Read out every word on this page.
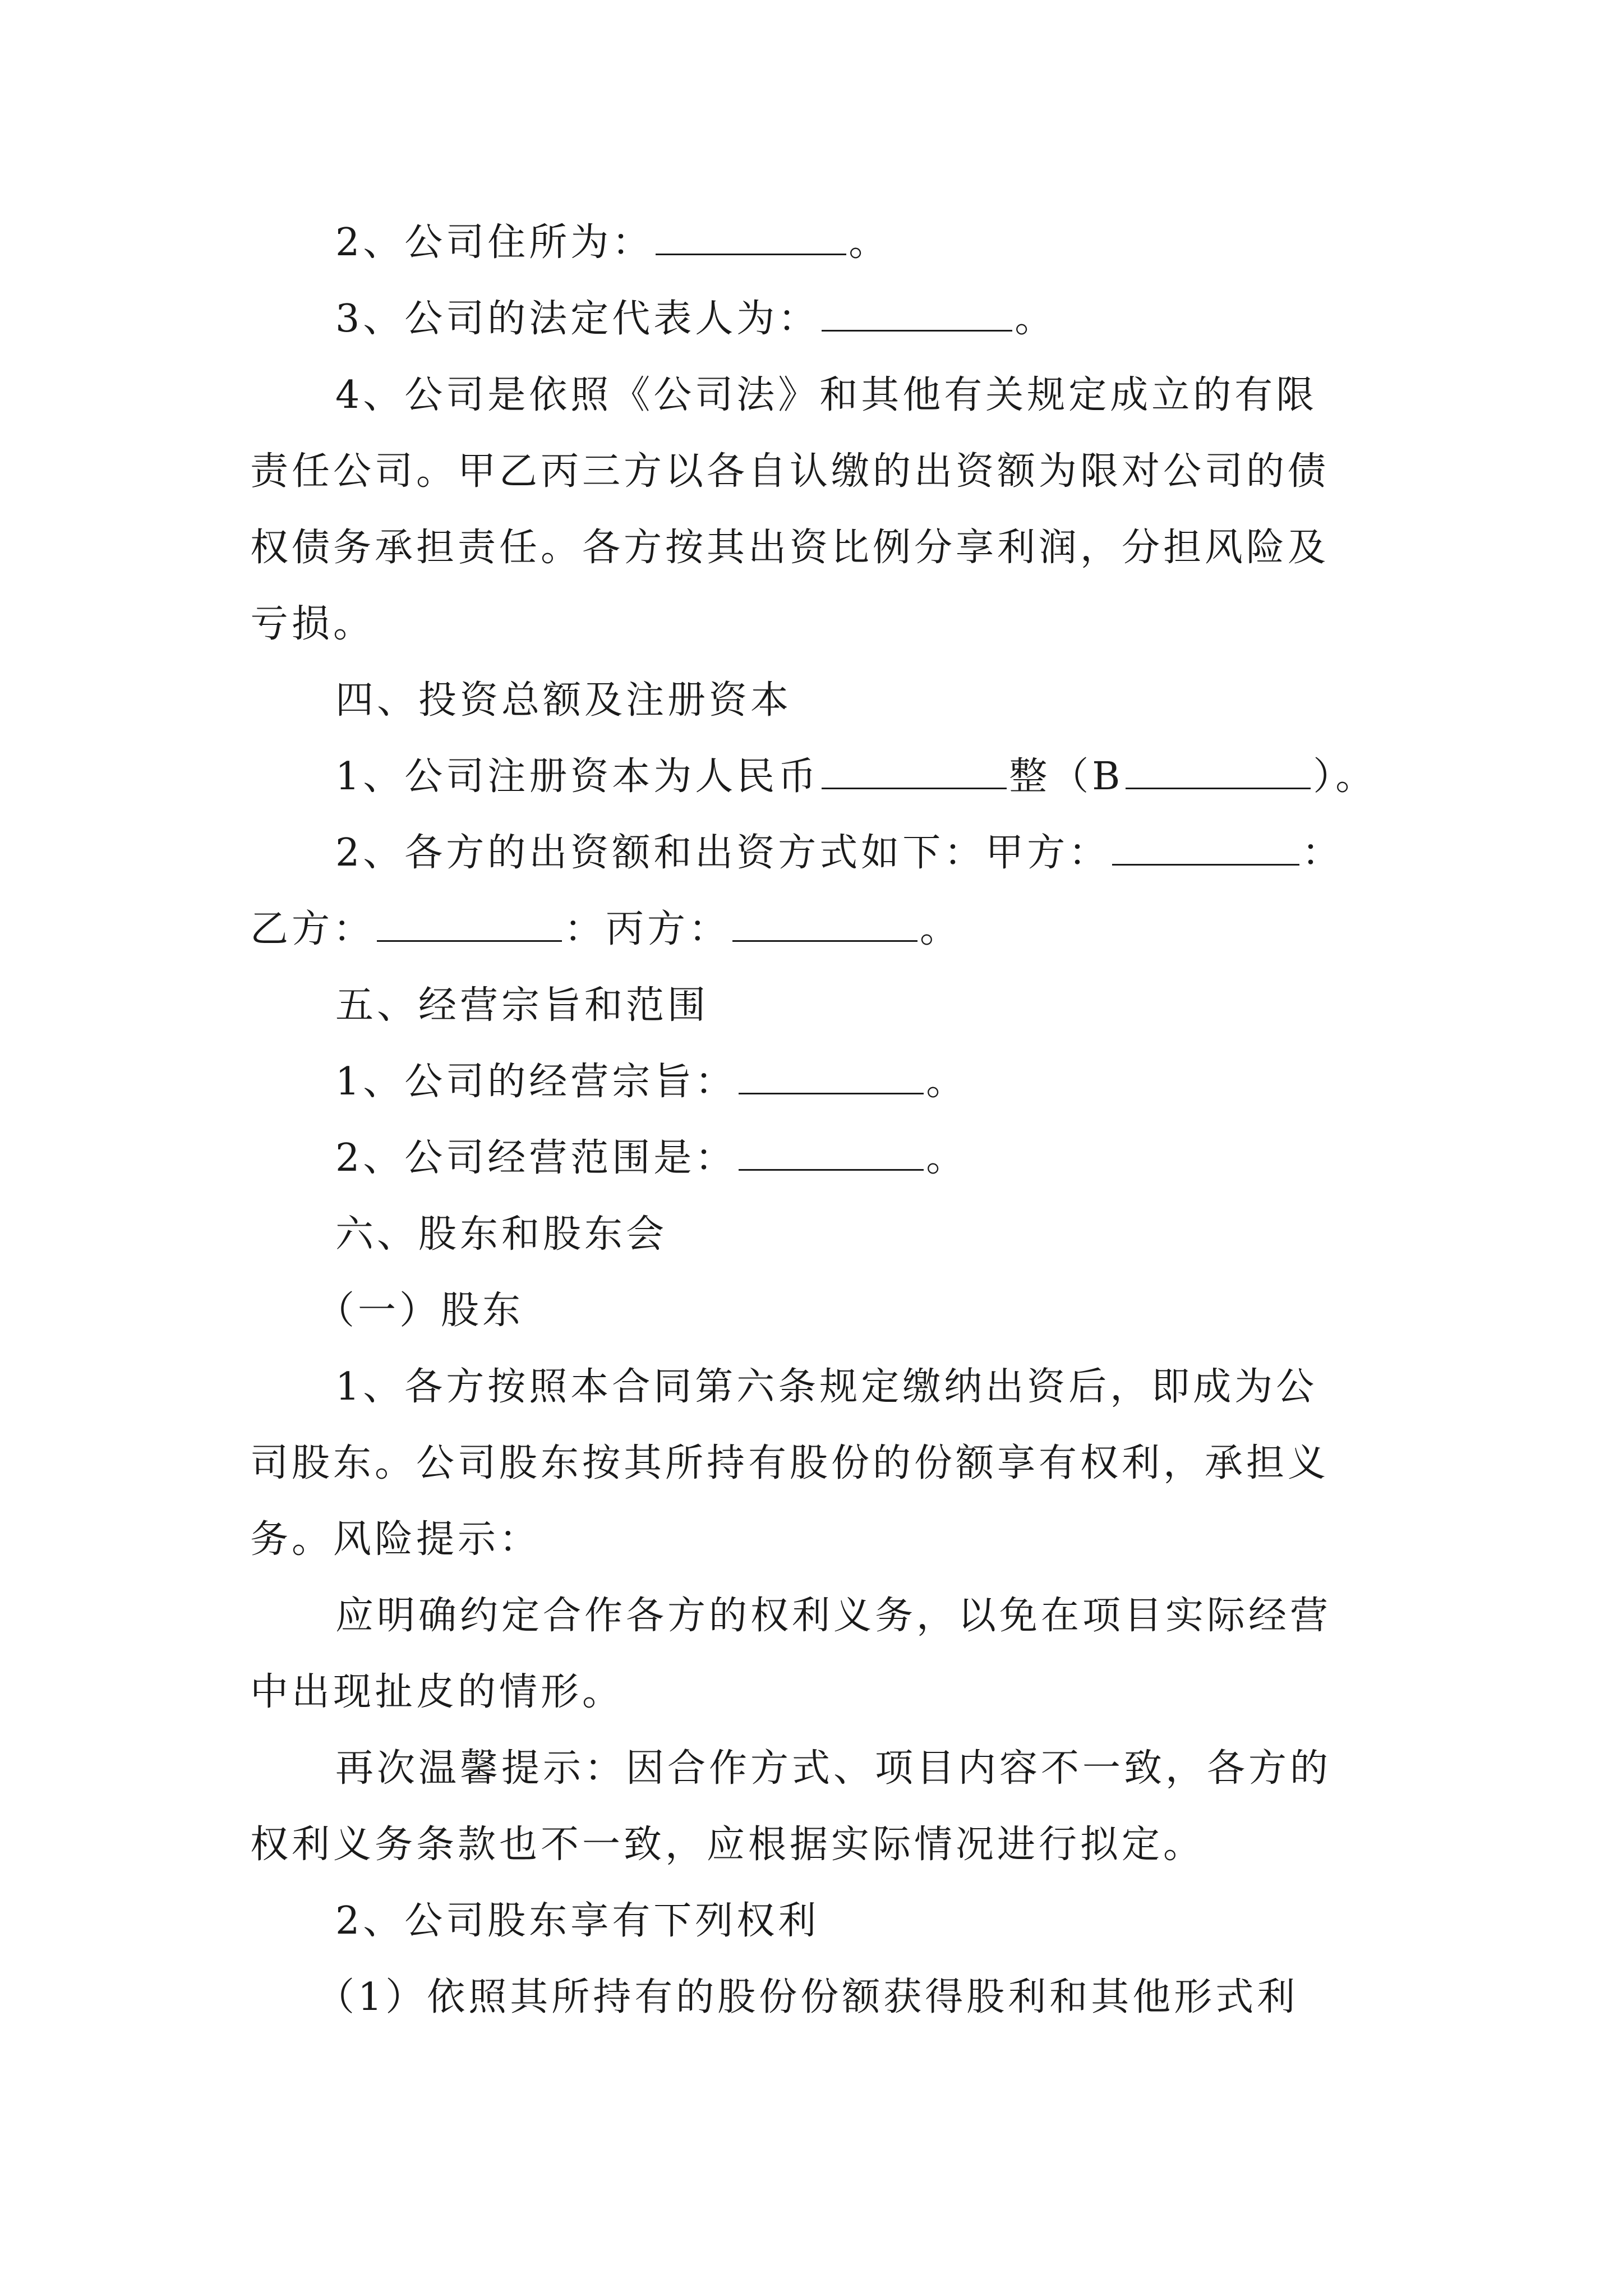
2、公司住所为：	。
3、公司的法定代表人为：	。
4、公司是依照《公司法》和其他有关规定成立的有限
责任公司。甲乙丙三方以各自认缴的出资额为限对公司的债
权债务承担责任。各方按其出资比例分享利润，分担风险及
亏损。
四、投资总额及注册资本
1、公司注册资本为人民币	整（B	）。
2、各方的出资额和出资方式如下：甲方：	：
乙方：	：丙方：	。
五、经营宗旨和范围
1、公司的经营宗旨：	。
2、公司经营范围是：	。
六、股东和股东会
（一）股东
1、各方按照本合同第六条规定缴纳出资后，即成为公
司股东。公司股东按其所持有股份的份额享有权利，承担义
务。风险提示：
应明确约定合作各方的权利义务，以免在项目实际经营
中出现扯皮的情形。
再次温馨提示：因合作方式、项目内容不一致，各方的
权利义务条款也不一致，应根据实际情况进行拟定。
2、公司股东享有下列权利
（1）依照其所持有的股份份额获得股利和其他形式利
